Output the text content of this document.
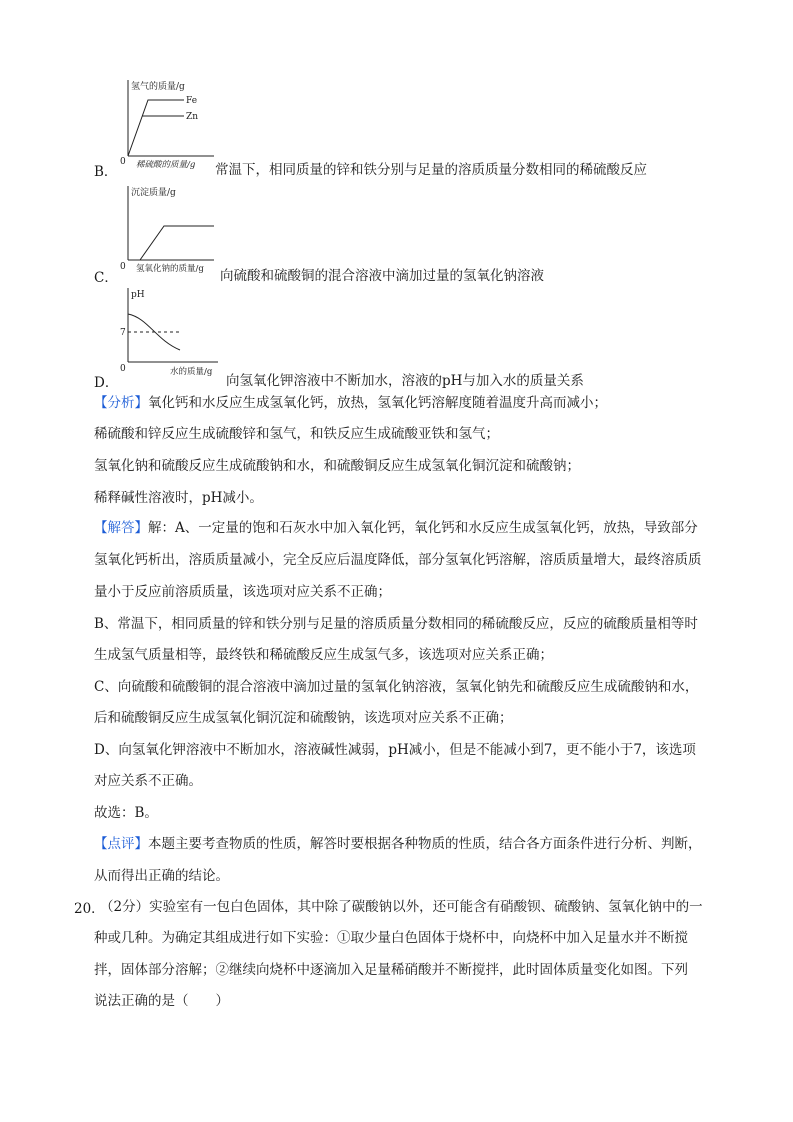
氢气的质量/g
Fe
Zn
0 稀硫酸的质量/g
B．	常温下，相同质量的锌和铁分别与足量的溶质质量分数相同的稀硫酸反应
沉淀质量/g
0 氢氧化钠的质量/g
C．	向硫酸和硫酸铜的混合溶液中滴加过量的氢氧化钠溶液
pH
7
0	水的质量/g
D．	向氢氧化钾溶液中不断加水，溶液的pH与加入水的质量关系
【分析】氧化钙和水反应生成氢氧化钙，放热，氢氧化钙溶解度随着温度升高而减小；
稀硫酸和锌反应生成硫酸锌和氢气，和铁反应生成硫酸亚铁和氢气；
氢氧化钠和硫酸反应生成硫酸钠和水，和硫酸铜反应生成氢氧化铜沉淀和硫酸钠；
稀释碱性溶液时，pH减小。
【解答】解：A、一定量的饱和石灰水中加入氧化钙，氧化钙和水反应生成氢氧化钙，放热，导致部分
氢氧化钙析出，溶质质量减小，完全反应后温度降低，部分氢氧化钙溶解，溶质质量增大，最终溶质质
量小于反应前溶质质量，该选项对应关系不正确；
B、常温下，相同质量的锌和铁分别与足量的溶质质量分数相同的稀硫酸反应，反应的硫酸质量相等时
生成氢气质量相等，最终铁和稀硫酸反应生成氢气多，该选项对应关系正确；
C、向硫酸和硫酸铜的混合溶液中滴加过量的氢氧化钠溶液，氢氧化钠先和硫酸反应生成硫酸钠和水，
后和硫酸铜反应生成氢氧化铜沉淀和硫酸钠，该选项对应关系不正确；
D、向氢氧化钾溶液中不断加水，溶液碱性减弱，pH减小，但是不能减小到7，更不能小于7，该选项
对应关系不正确。
故选：B。
【点评】本题主要考查物质的性质，解答时要根据各种物质的性质，结合各方面条件进行分析、判断，
从而得出正确的结论。
20．
（2分）实验室有一包白色固体，其中除了碳酸钠以外，还可能含有硝酸钡、硫酸钠、氢氧化钠中的一
种或几种。为确定其组成进行如下实验：①取少量白色固体于烧杯中，向烧杯中加入足量水并不断搅
拌，固体部分溶解；②继续向烧杯中逐滴加入足量稀硝酸并不断搅拌，此时固体质量变化如图。下列
说法正确的是（　　）
